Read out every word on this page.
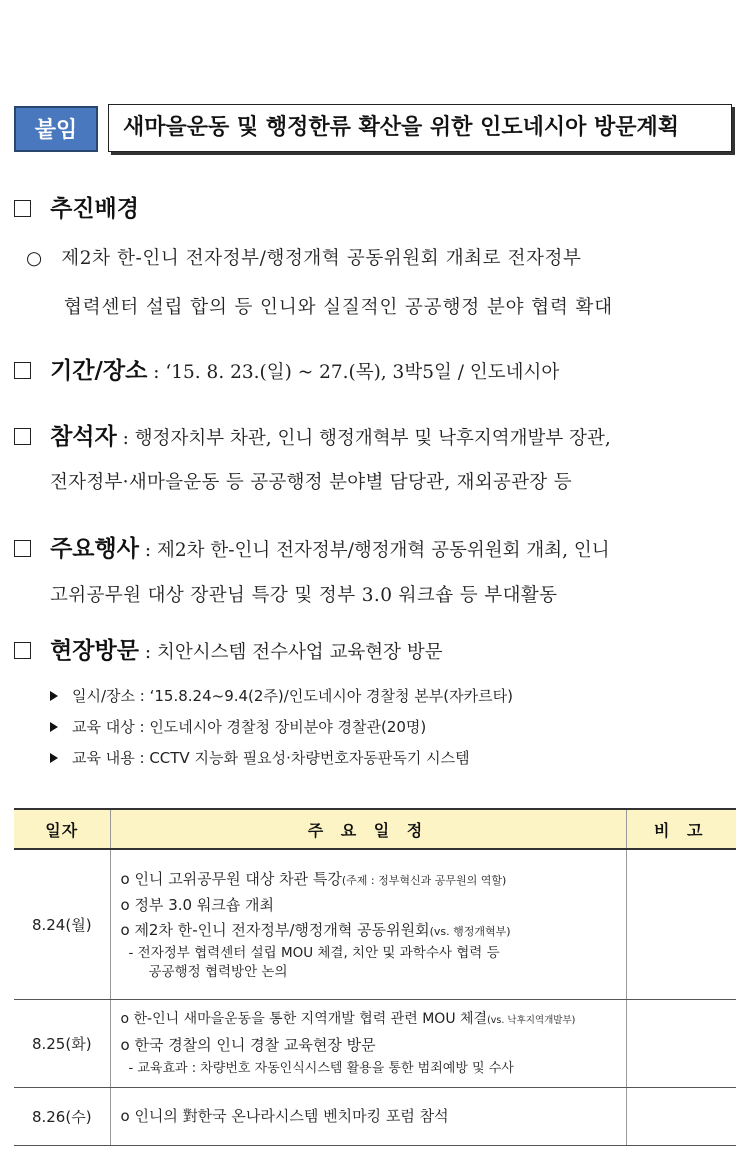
붙임	새마을운동 및 행정한류 확산을 위한 인도네시아 방문계획
추진배경
○ 제2차 한-인니 전자정부/행정개혁 공동위원회 개최로 전자정부
협력센터 설립 합의 등 인니와 실질적인 공공행정 분야 협력 확대
기간/장소 : ‘15. 8. 23.(일) ~ 27.(목), 3박5일 / 인도네시아
참석자 : 행정자치부 차관, 인니 행정개혁부 및 낙후지역개발부 장관,
전자정부·새마을운동 등 공공행정 분야별 담당관, 재외공관장 등
주요행사 : 제2차 한-인니 전자정부/행정개혁 공동위원회 개최, 인니
고위공무원 대상 장관님 특강 및 정부 3.0 워크숍 등 부대활동
현장방문 : 치안시스템 전수사업 교육현장 방문
일시/장소 : ‘15.8.24~9.4(2주)/인도네시아 경찰청 본부(자카르타)
교육 대상 : 인도네시아 경찰청 장비분야 경찰관(20명)
교육 내용 : CCTV 지능화 필요성·차량번호자동판독기 시스템
일자	주 요 일 정	비 고
8.24(월)	o 인니 고위공무원 대상 차관 특강(주제 : 정부혁신과 공무원의 역할)
o 정부 3.0 워크숍 개최
o 제2차 한-인니 전자정부/행정개혁 공동위원회(vs. 행정개혁부)
- 전자정부 협력센터 설립 MOU 체결, 치안 및 과학수사 협력 등
공공행정 협력방안 논의	

8.25(화)	o 한-인니 새마을운동을 통한 지역개발 협력 관련 MOU 체결(vs. 낙후지역개발부)
o 한국 경찰의 인니 경찰 교육현장 방문
- 교육효과 : 차량번호 자동인식시스템 활용을 통한 범죄예방 및 수사	

8.26(수)	o 인니의 對한국 온나라시스템 벤치마킹 포럼 참석	
